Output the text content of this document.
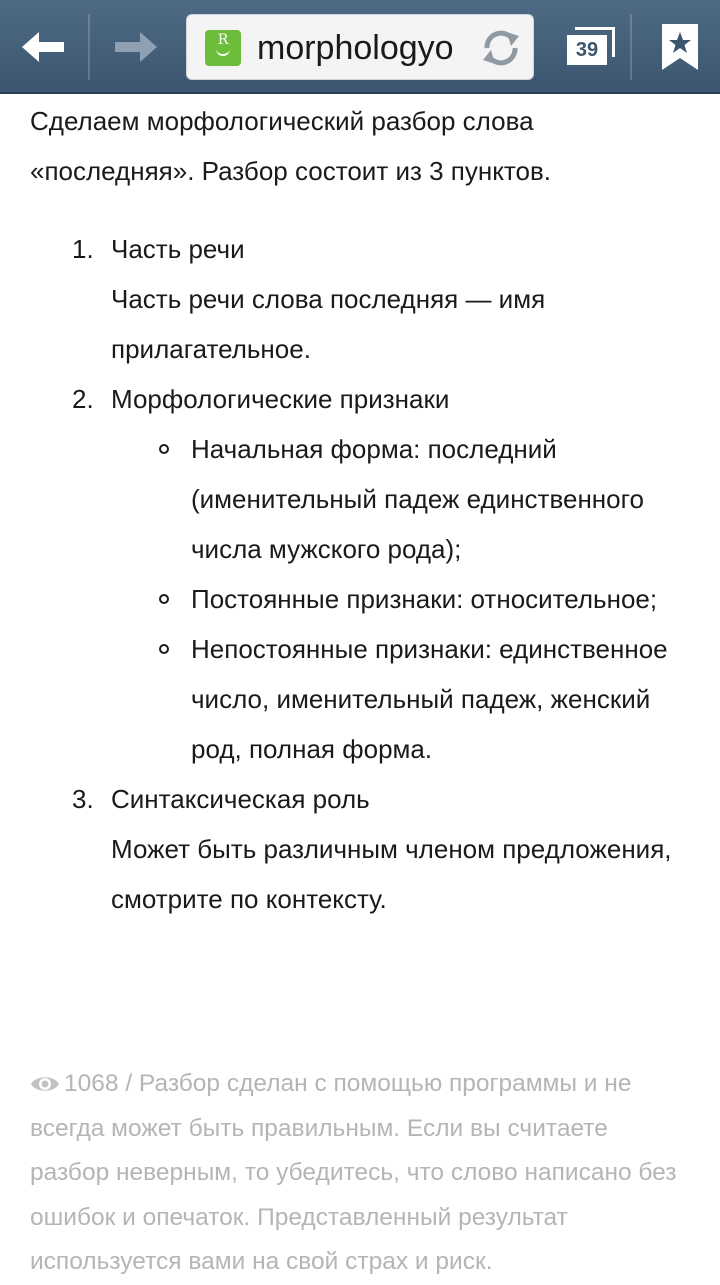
R morphologyo	39

Сделаем морфологический разбор слова
«последняя». Разбор состоит из 3 пунктов.

1. Часть речи
Часть речи слова последняя — имя прилагательное.
2. Морфологические признаки
Начальная форма: последний (именительный падеж единственного числа мужского рода);
Постоянные признаки: относительное;
Непостоянные признаки: единственное число, именительный падеж, женский род, полная форма.
3. Синтаксическая роль
Может быть различным членом предложения, смотрите по контексту.
1068 / Разбор сделан с помощью программы и не всегда может быть правильным. Если вы считаете разбор неверным, то убедитесь, что слово написано без ошибок и опечаток. Представленный результат используется вами на свой страх и риск.
